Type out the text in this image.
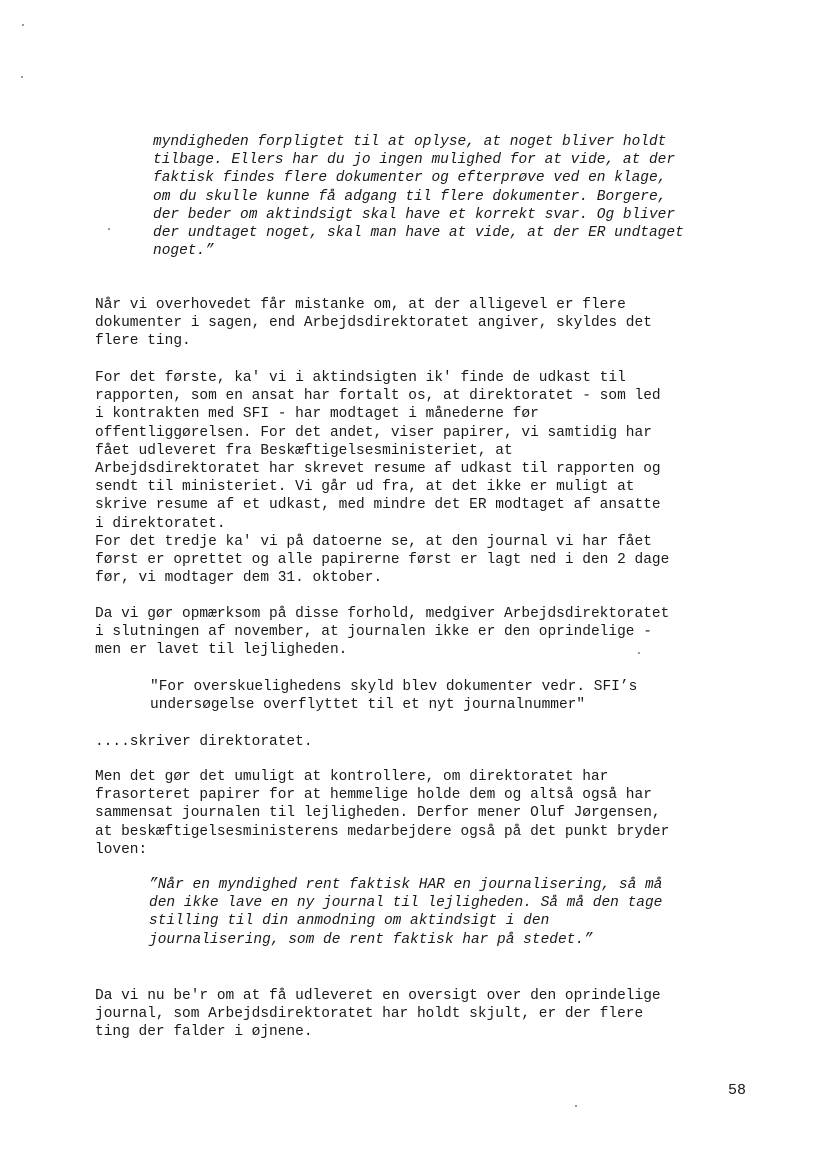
myndigheden forpligtet til at oplyse, at noget bliver holdt
tilbage. Ellers har du jo ingen mulighed for at vide, at der
faktisk findes flere dokumenter og efterprøve ved en klage,
om du skulle kunne få adgang til flere dokumenter. Borgere,
der beder om aktindsigt skal have et korrekt svar. Og bliver
der undtaget noget, skal man have at vide, at der ER undtaget
noget.”
Når vi overhovedet får mistanke om, at der alligevel er flere
dokumenter i sagen, end Arbejdsdirektoratet angiver, skyldes det
flere ting.
For det første, ka' vi i aktindsigten ik' finde de udkast til
rapporten, som en ansat har fortalt os, at direktoratet - som led
i kontrakten med SFI - har modtaget i månederne før
offentliggørelsen. For det andet, viser papirer, vi samtidig har
fået udleveret fra Beskæftigelsesministeriet, at
Arbejdsdirektoratet har skrevet resume af udkast til rapporten og
sendt til ministeriet. Vi går ud fra, at det ikke er muligt at
skrive resume af et udkast, med mindre det ER modtaget af ansatte
i direktoratet.
For det tredje ka' vi på datoerne se, at den journal vi har fået
først er oprettet og alle papirerne først er lagt ned i den 2 dage
før, vi modtager dem 31. oktober.
Da vi gør opmærksom på disse forhold, medgiver Arbejdsdirektoratet
i slutningen af november, at journalen ikke er den oprindelige -
men er lavet til lejligheden.
"For overskuelighedens skyld blev dokumenter vedr. SFI’s
undersøgelse overflyttet til et nyt journalnummer"
....skriver direktoratet.
Men det gør det umuligt at kontrollere, om direktoratet har
frasorteret papirer for at hemmelige holde dem og altså også har
sammensat journalen til lejligheden. Derfor mener Oluf Jørgensen,
at beskæftigelsesministerens medarbejdere også på det punkt bryder
loven:
”Når en myndighed rent faktisk HAR en journalisering, så må
den ikke lave en ny journal til lejligheden. Så må den tage
stilling til din anmodning om aktindsigt i den
journalisering, som de rent faktisk har på stedet.”
Da vi nu be'r om at få udleveret en oversigt over den oprindelige
journal, som Arbejdsdirektoratet har holdt skjult, er der flere
ting der falder i øjnene.
58
